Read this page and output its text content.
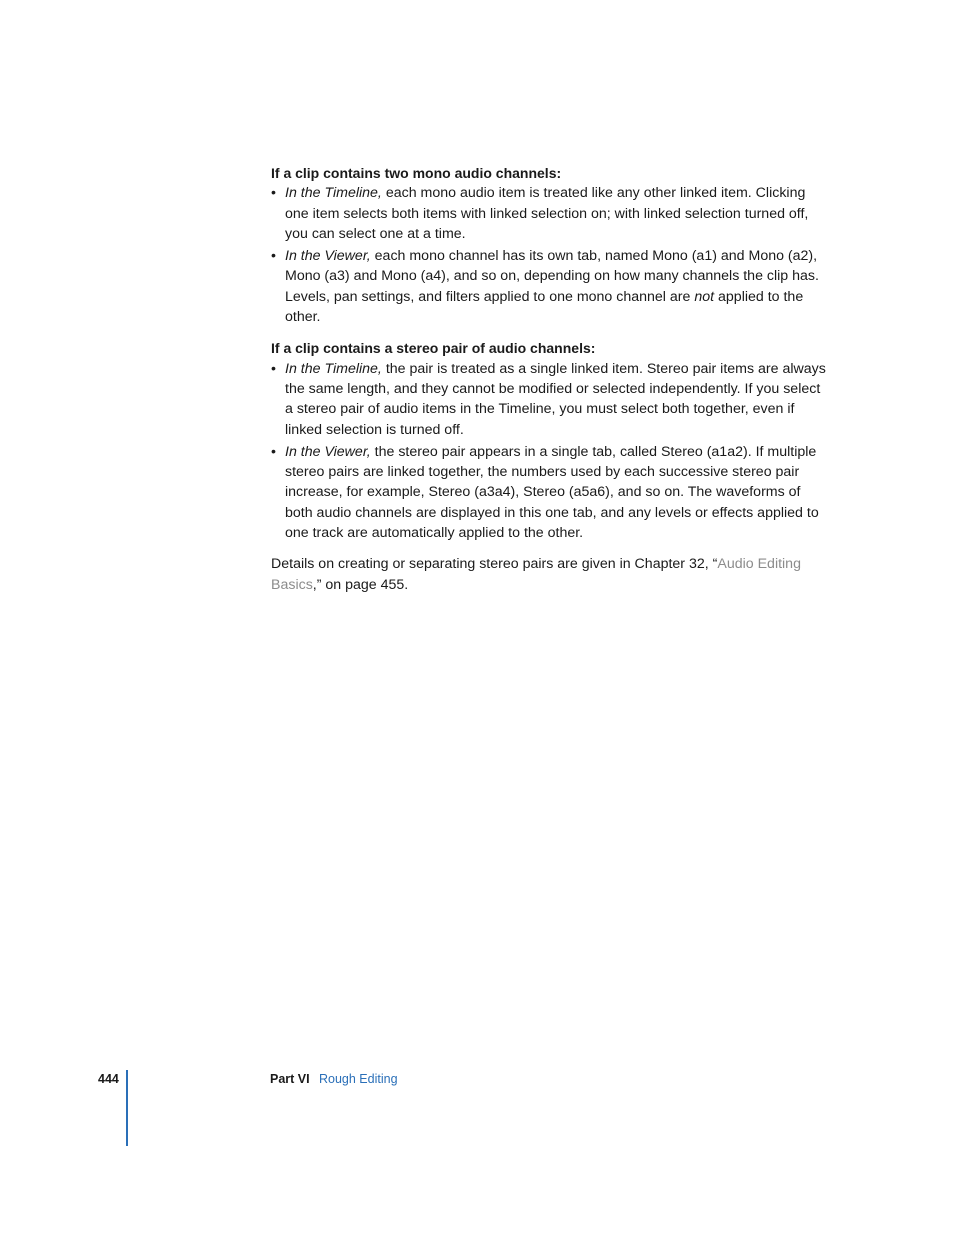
If a clip contains two mono audio channels:

• In the Timeline, each mono audio item is treated like any other linked item. Clicking one item selects both items with linked selection on; with linked selection turned off, you can select one at a time.
• In the Viewer, each mono channel has its own tab, named Mono (a1) and Mono (a2), Mono (a3) and Mono (a4), and so on, depending on how many channels the clip has. Levels, pan settings, and filters applied to one mono channel are not applied to the other.

If a clip contains a stereo pair of audio channels:

• In the Timeline, the pair is treated as a single linked item. Stereo pair items are always the same length, and they cannot be modified or selected independently. If you select a stereo pair of audio items in the Timeline, you must select both together, even if linked selection is turned off.
• In the Viewer, the stereo pair appears in a single tab, called Stereo (a1a2). If multiple stereo pairs are linked together, the numbers used by each successive stereo pair increase, for example, Stereo (a3a4), Stereo (a5a6), and so on. The waveforms of both audio channels are displayed in this one tab, and any levels or effects applied to one track are automatically applied to the other.

Details on creating or separating stereo pairs are given in Chapter 32, “Audio Editing Basics,” on page 455.

444	Part VI Rough Editing
